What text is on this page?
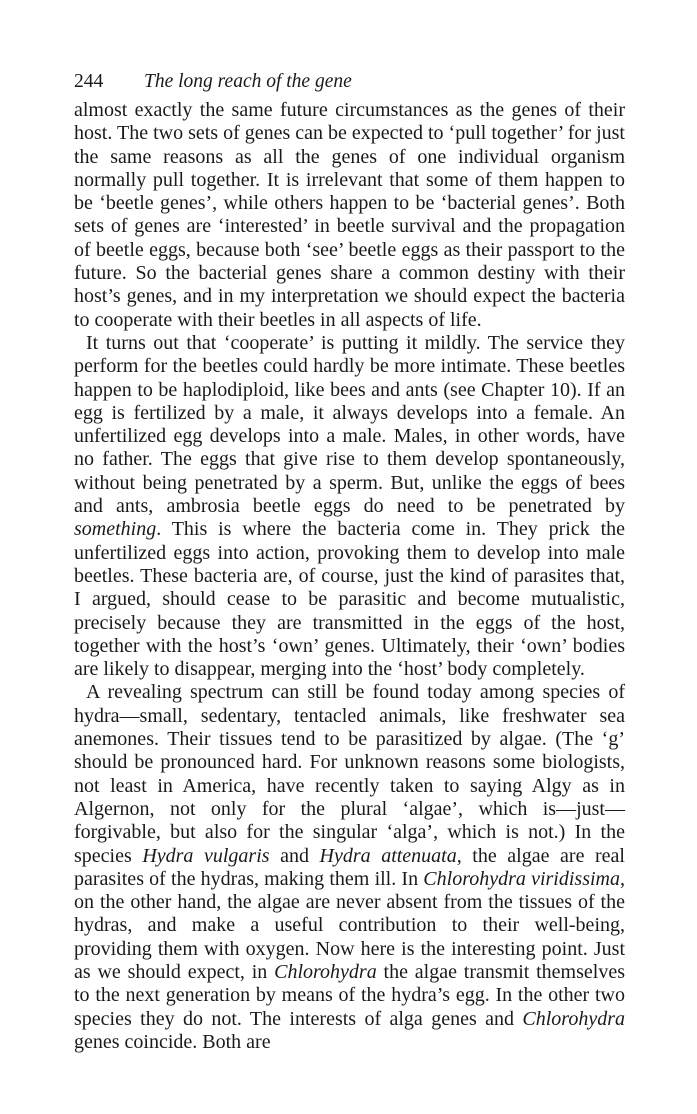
244 The long reach of the gene

almost exactly the same future circumstances as the genes of their host. The two sets of genes can be expected to ‘pull together’ for just the same reasons as all the genes of one individual organism normally pull together. It is irrelevant that some of them happen to be ‘beetle genes’, while others happen to be ‘bacterial genes’. Both sets of genes are ‘interested’ in beetle survival and the propagation of beetle eggs, because both ‘see’ beetle eggs as their passport to the future. So the bacterial genes share a common destiny with their host’s genes, and in my interpretation we should expect the bacteria to cooperate with their beetles in all aspects of life.

It turns out that ‘cooperate’ is putting it mildly. The service they perform for the beetles could hardly be more intimate. These beetles happen to be haplodiploid, like bees and ants (see Chapter 10). If an egg is fertilized by a male, it always develops into a female. An unfertilized egg develops into a male. Males, in other words, have no father. The eggs that give rise to them develop spontaneously, without being penetrated by a sperm. But, unlike the eggs of bees and ants, ambrosia beetle eggs do need to be penetrated by something. This is where the bacteria come in. They prick the unfertilized eggs into action, provoking them to develop into male beetles. These bacteria are, of course, just the kind of parasites that, I argued, should cease to be parasitic and become mutualistic, precisely because they are transmitted in the eggs of the host, together with the host’s ‘own’ genes. Ultimately, their ‘own’ bodies are likely to disappear, merging into the ‘host’ body completely.

A revealing spectrum can still be found today among species of hydra—small, sedentary, tentacled animals, like freshwater sea anemones. Their tissues tend to be parasitized by algae. (The ‘g’ should be pronounced hard. For unknown reasons some biologists, not least in America, have recently taken to saying Algy as in Algernon, not only for the plural ‘algae’, which is—just—forgivable, but also for the singular ‘alga’, which is not.) In the species Hydra vulgaris and Hydra attenuata, the algae are real parasites of the hydras, making them ill. In Chlorohydra viridissima, on the other hand, the algae are never absent from the tissues of the hydras, and make a useful contribution to their well-being, providing them with oxygen. Now here is the interesting point. Just as we should expect, in Chlorohydra the algae transmit themselves to the next generation by means of the hydra’s egg. In the other two species they do not. The interests of alga genes and Chlorohydra genes coincide. Both are
